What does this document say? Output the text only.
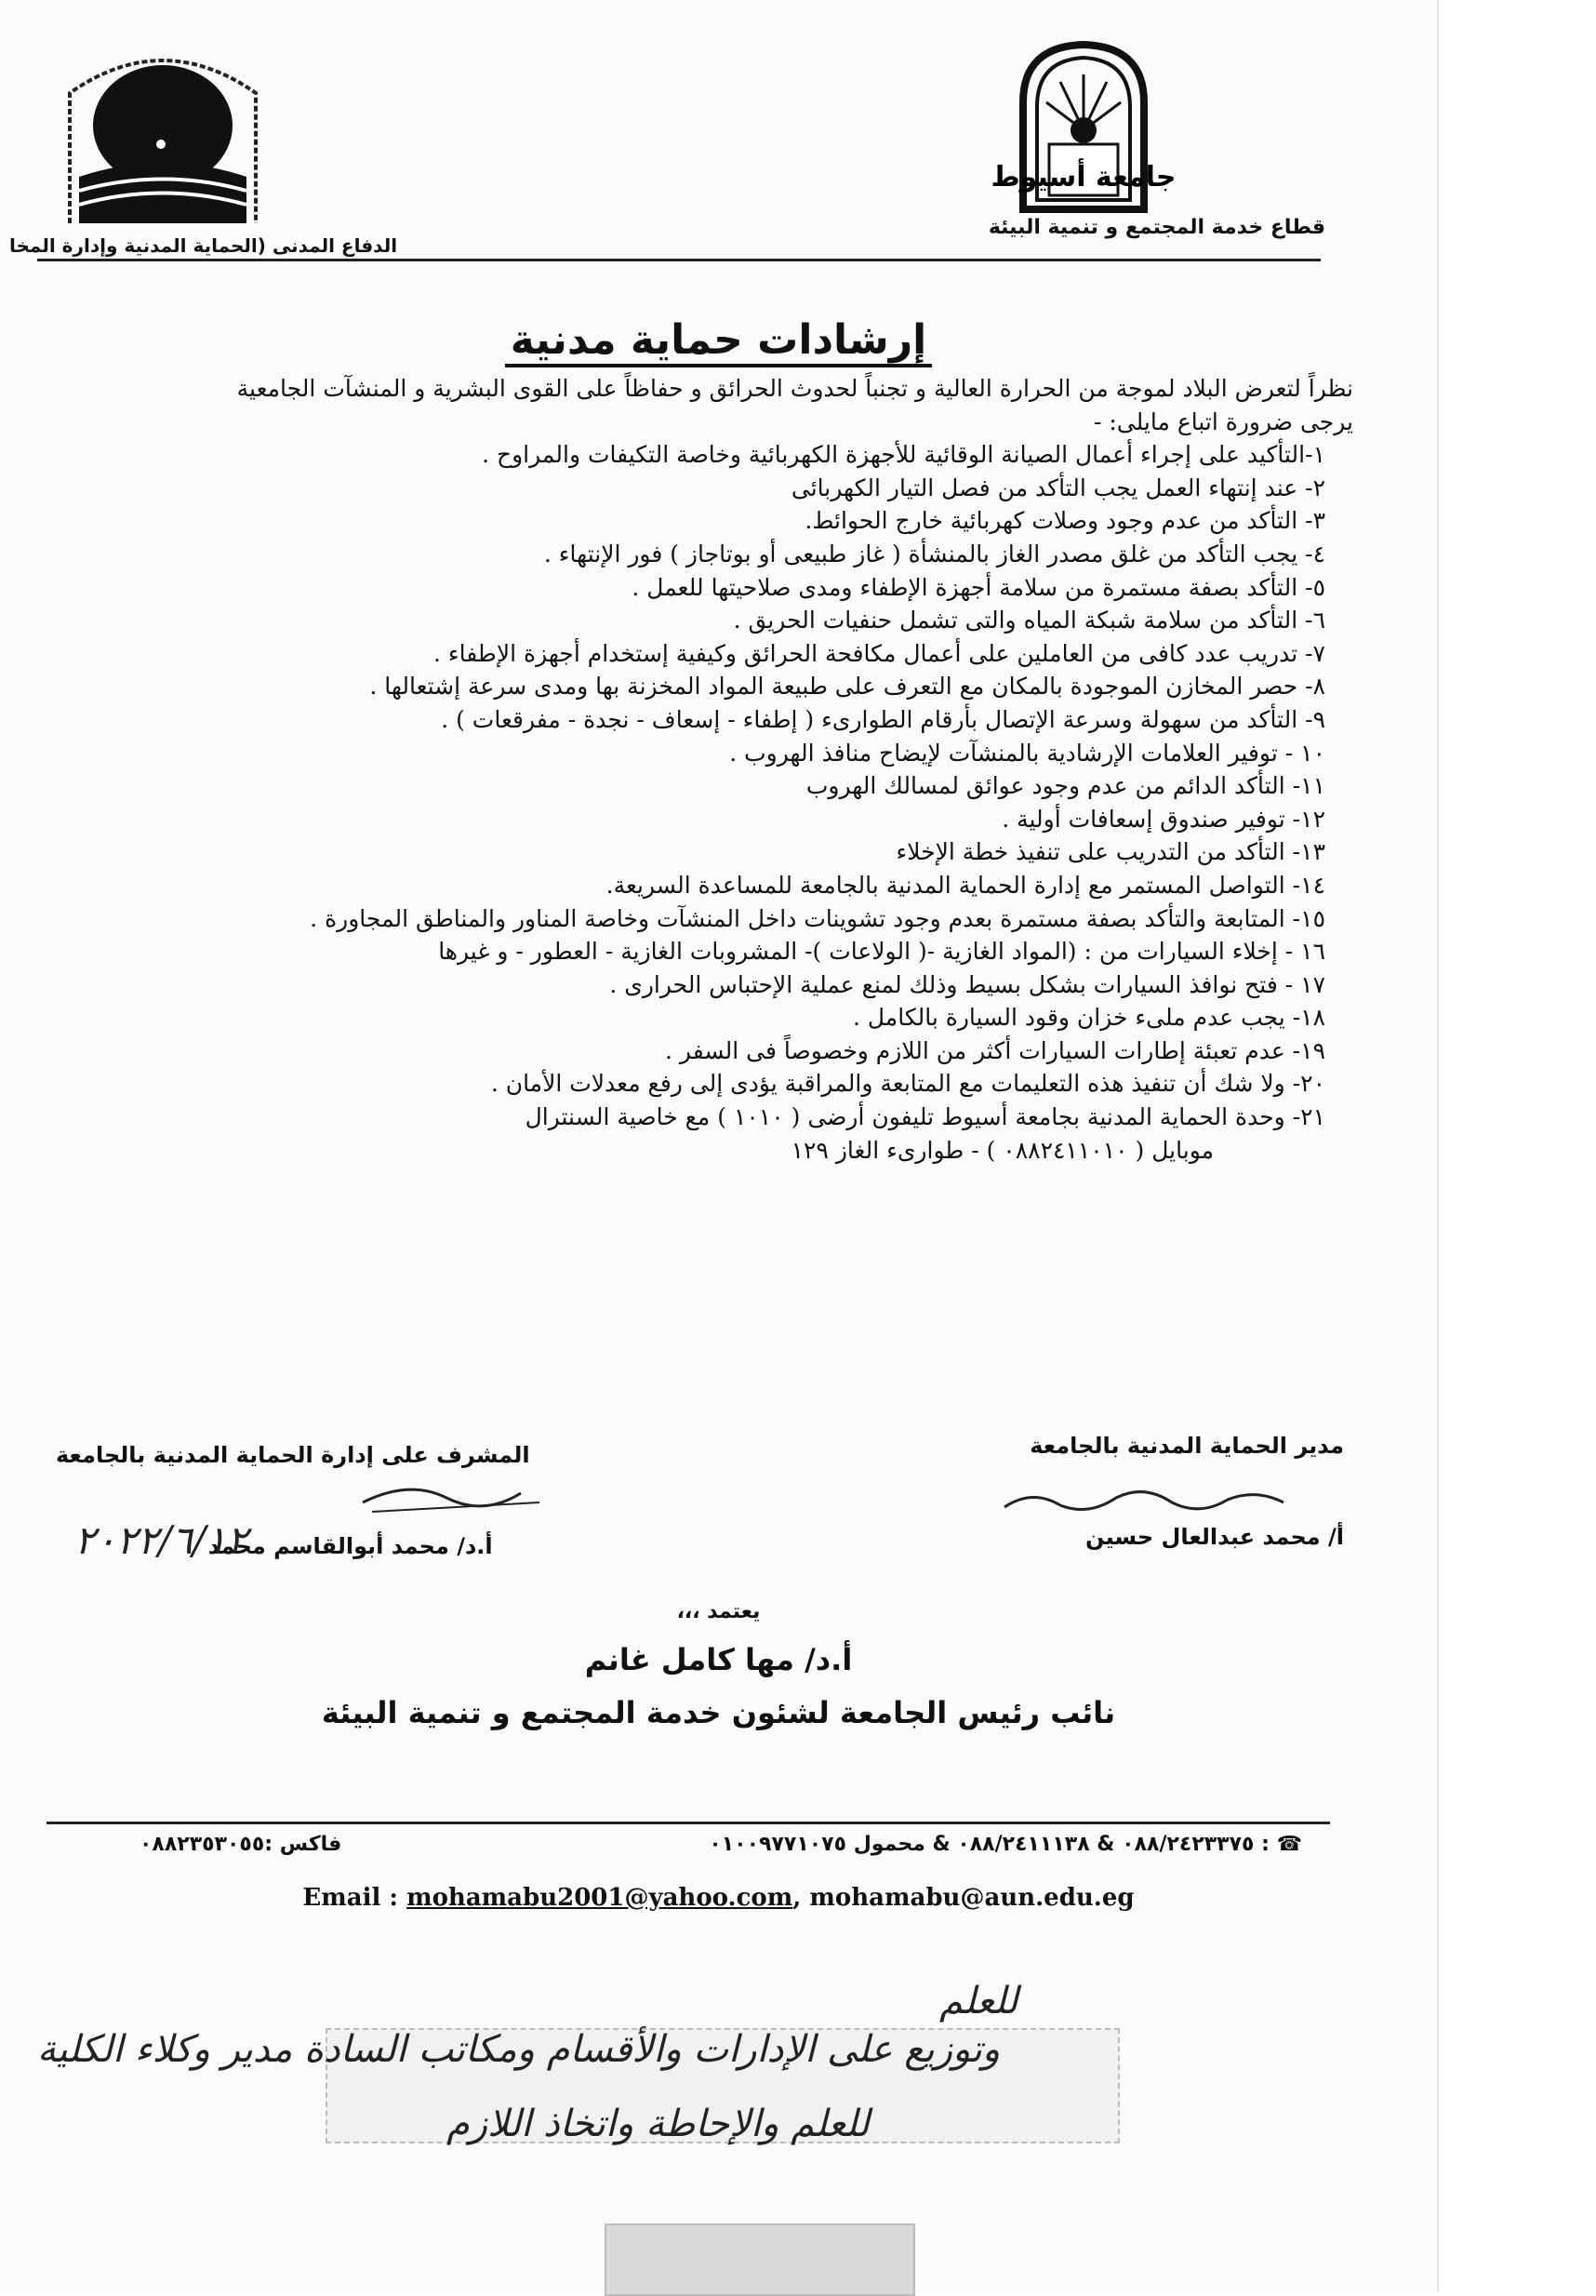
جامعة أسيوط
قطاع خدمة المجتمع و تنمية البيئة
الدفاع المدنى (الحماية المدنية وإدارة المخا
إرشادات حماية مدنية

نظراً لتعرض البلاد لموجة من الحرارة العالية و تجنباً لحدوث الحرائق و حفاظاً على القوى البشرية و المنشآت الجامعية

يرجى ضرورة اتباع مايلى: -

١-التأكيد على إجراء أعمال الصيانة الوقائية للأجهزة الكهربائية وخاصة التكيفات والمراوح .
٢- عند إنتهاء العمل يجب التأكد من فصل التيار الكهربائى
٣- التأكد من عدم وجود وصلات كهربائية خارج الحوائط.
٤- يجب التأكد من غلق مصدر الغاز بالمنشأة ( غاز طبيعى أو بوتاجاز ) فور الإنتهاء .
٥- التأكد بصفة مستمرة من سلامة أجهزة الإطفاء ومدى صلاحيتها للعمل .
٦- التأكد من سلامة شبكة المياه والتى تشمل حنفيات الحريق .
٧- تدريب عدد كافى من العاملين على أعمال مكافحة الحرائق وكيفية إستخدام أجهزة الإطفاء .
٨- حصر المخازن الموجودة بالمكان مع التعرف على طبيعة المواد المخزنة بها ومدى سرعة إشتعالها .
٩- التأكد من سهولة وسرعة الإتصال بأرقام الطوارىء ( إطفاء - إسعاف - نجدة - مفرقعات ) .
١٠ - توفير العلامات الإرشادية بالمنشآت لإيضاح منافذ الهروب .
١١- التأكد الدائم من عدم وجود عوائق لمسالك الهروب
١٢- توفير صندوق إسعافات أولية .
١٣- التأكد من التدريب على تنفيذ خطة الإخلاء
١٤- التواصل المستمر مع إدارة الحماية المدنية بالجامعة للمساعدة السريعة.
١٥- المتابعة والتأكد بصفة مستمرة بعدم وجود تشوينات داخل المنشآت وخاصة المناور والمناطق المجاورة .
١٦ - إخلاء السيارات من : (المواد الغازية -( الولاعات )- المشروبات الغازية - العطور - و غيرها
١٧ - فتح نوافذ السيارات بشكل بسيط وذلك لمنع عملية الإحتباس الحرارى .
١٨- يجب عدم ملىء خزان وقود السيارة بالكامل .
١٩- عدم تعبئة إطارات السيارات أكثر من اللازم وخصوصاً فى السفر .
٢٠- ولا شك أن تنفيذ هذه التعليمات مع المتابعة والمراقبة يؤدى إلى رفع معدلات الأمان .
٢١- وحدة الحماية المدنية بجامعة أسيوط تليفون أرضى ( ١٠١٠ ) مع خاصية السنترال
موبايل ( ٠٨٨٢٤١١٠١٠ ) - طوارىء الغاز ١٢٩
المشرف على إدارة الحماية المدنية بالجامعة
أ.د/ محمد أبوالقاسم محمد
٢٠٢٢/٦/١٢
مدير الحماية المدنية بالجامعة
أ/ محمد عبدالعال حسين
يعتمد ،،،
أ.د/ مها كامل غانم
نائب رئيس الجامعة لشئون خدمة المجتمع و تنمية البيئة
☎ : ٠٨٨/٢٤٢٣٣٧٥ & ٠٨٨/٢٤١١١٣٨ & محمول ٠١٠٠٩٧٧١٠٧٥
فاكس :٠٨٨٢٣٥٣٠٥٥
Email : mohamabu2001@yahoo.com, mohamabu@aun.edu.eg
للعلم
وتوزيع على الإدارات والأقسام ومكاتب السادة مدير وكلاء الكلية
للعلم والإحاطة واتخاذ اللازم
